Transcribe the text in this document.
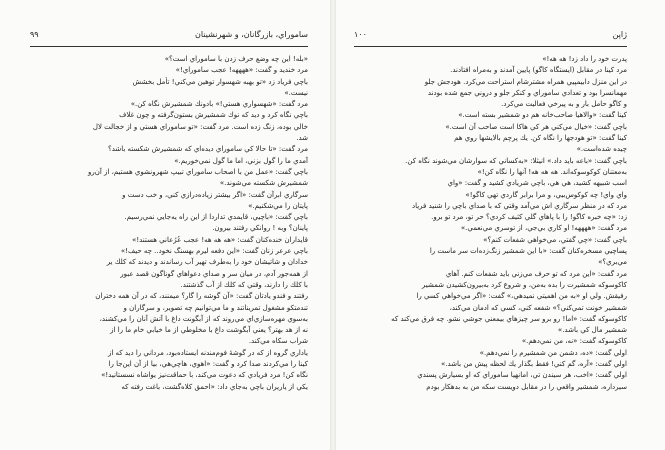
۹۹	ساموراي، بازرگانان، و شهرنشينان
«بله! اين چه وضع حرف زدن با ساموراي است؟»
مرد خنديد و گفت: «ههههه! عجب ساموراي!»
باچي فرياد زد «تو بهبه شهسوار توهين مي‌كني! تأمل بخشش
نيست.»
مرد گفت: «شهسواري هستي!» بادونك شمشيرش نگاه كن.»
باچي نگاه كرد و ديد كه نوك شمشيرش بستون‌گرفته و چون غلاف
خالي بوده، زنگ زده است. مرد گفت: «تو ساموراي هستي و از خجالت لال
شد.
مرد گفت: «تا حالا كي ساموراي ديده‌اي كه شمشيرش شكسته باشد؟
آمدي ما را گول بزني، اما ما گول نمي‌خوريم.»
باچي گفت: «عمل من با اصحاب ساموراي تبيپ شهرونشوي هستيم، از آن‌رو
شمشيرش شكسته مي‌شوند.»
سرگاري ابرآن گفت: «اگر بيشتر زياده‌درازي كني، و خب دست و
پايتان را مي‌شكنيم.»
باچي گفت: «باچيي، قايمدي تداردا از اين راه يه‌جايي نمي‌رسيم.
پاينان؟ وبه ! روانكي رفتند بيرون.
قايداران خنده‌كنان گفت: «هه هه هه! عجب عُرُعاني هستند!»
باچي عرعر زنان گفت: «اين دفعه ليرم بهسنگ نخود.. چه حيف!»
خدادان و شاتيشان خود را به‌طرف تهير آب رساندند و ديدند كه كلك ير
از همه‌جور آدم، در ميان سر و صداي دعواهاي گوناگون قصد عبور
با كلك را دارند، وقتي كه كلك از آب گذشتند.
رفتند و فندو يادتان گفت: «آن گوشه را گار؟ ميمنند، كه در آن همه دختران
تندمتكو مشغول تمريناتند و ما مي‌توانيم چه تصوير، و سرگاران و
به‌سوي مهره‌سازي‌اي مي‌روند كه از آبگونت داغ با آتش آنان را مي‌كشند،
نه از هد بهتر؟ يعني آبگوشت داغ با مخلوطي از ما خيابي خام ما را از
شراب سكاه مي‌كند.
ياداري گروه از كه در گوشهٔ فوم‌مندنه ايستاده‌بود، مرداني را ديد كه از
كينا را مي‌كردند صدا كرد و گفت: «اهوي، هاچي‌هي، بيا از آن اين‌جا را
نگاه كن! مرد فريادي كه دعوت مي‌كند، با حماقت‌نيز يواشاه نسستانيد!»
يكي از ياريران باچي به‌جاي داد: «احمق كلاه‌گشت، باغت رفته كه
۱۰۰	ژاپن
پدرت خود را داد زد! هه هه!»
مرد كينا در مقابل (ايستگاه كاگو) پايين آمدند و به‌مراه افتادند.
در اين منزل دابيمپيي همراه مشترشام استراحت مي‌كرد. هودجش جلو
مهمانسرا بود و تعدادي ساموراي و كنكر جلو و دروني جمع شده بودند
و كاگو حامل بار و به پيرخي فعاليت مي‌كرد.
كينا گفت: «والاهيا صاحب‌خانه هم دو شمشير بسته است.»
باچي گفت: «خيال مي‌كني هر كي هاكا است صاحب آن است.»
كينا گفت: «تو هودجها را نگاه كن. يك پرچم بالايشها روي هم
چيده شده‌است.»
باچي گفت: «باعه بايد داد.» انيثلا: «به‌كساني كه سوارشان مي‌شوند نگاه كن.
به‌معتنان كوكوسوكه‌اند. هه هه هه! آنها را نگاه كن!»
اسب شبيهه كشيد، هي هي، باچي شريادي كشيد و گفت: «واي
واي واي! چه كوكوس‌بيي، و مرا برابر گاردي تهي كاگو!»
مرد كه در منظر سرگاري اش مي‌آمد وقتي كه با صداي باچي را شنيد فرياد
زد: «چه خبره كاگو! را با پاهاي گلي كثيف كردي؟ حر تو، مرد تو برو.
مرد گفت: «ههههه! او كاري بي‌جي، از توسري مي‌نعمي.»
باچي گفت: «چي گفتي، مي‌خواهي شفعات كنم؟»
پساچيي مسخره‌كنان گفت: «با اين شمشير زنگ‌زده‌ات سر ماست را
مي‌بري؟»
مرد گفت: «اين مرد كه تو حرف مي‌زني بايد شفعات كنم. آهاي
كاكوسوكه شمشيرت را بده به‌من، و شروع كرد به‌بيرون‌كشيدن شمشير
رفيقش. ولي او «به من اهميتي نميدهي،» گفت: «اگر مي‌خواهي كسي را
شمشير خونت تمي‌كني؟» شفعه كني، كسي كه ادمان مي‌كند،
كاكوسوكه گفت: «اما! رو برو سر چيزهاي بيمعني جوشي نشو. چه فرق مي‌كند كه
شمشير مال كي باشد.»
كاكوسوكه گفت: «نه، من نمي‌دهم.»
اولي گفت: «ده، دشمن من شمشيرم را نمي‌دهم.»
اولي گفت: «آره، گم كني! فقط بگذار يك لحظه پيش من باشد.»
اولي گفت: «اخب، هر سيندن تي، امانهيا ساموراي كه او بسيارش پسندي
سيرداره، شمشير واقعي را در مقابل دويست سكه من به بدهكار بودم
